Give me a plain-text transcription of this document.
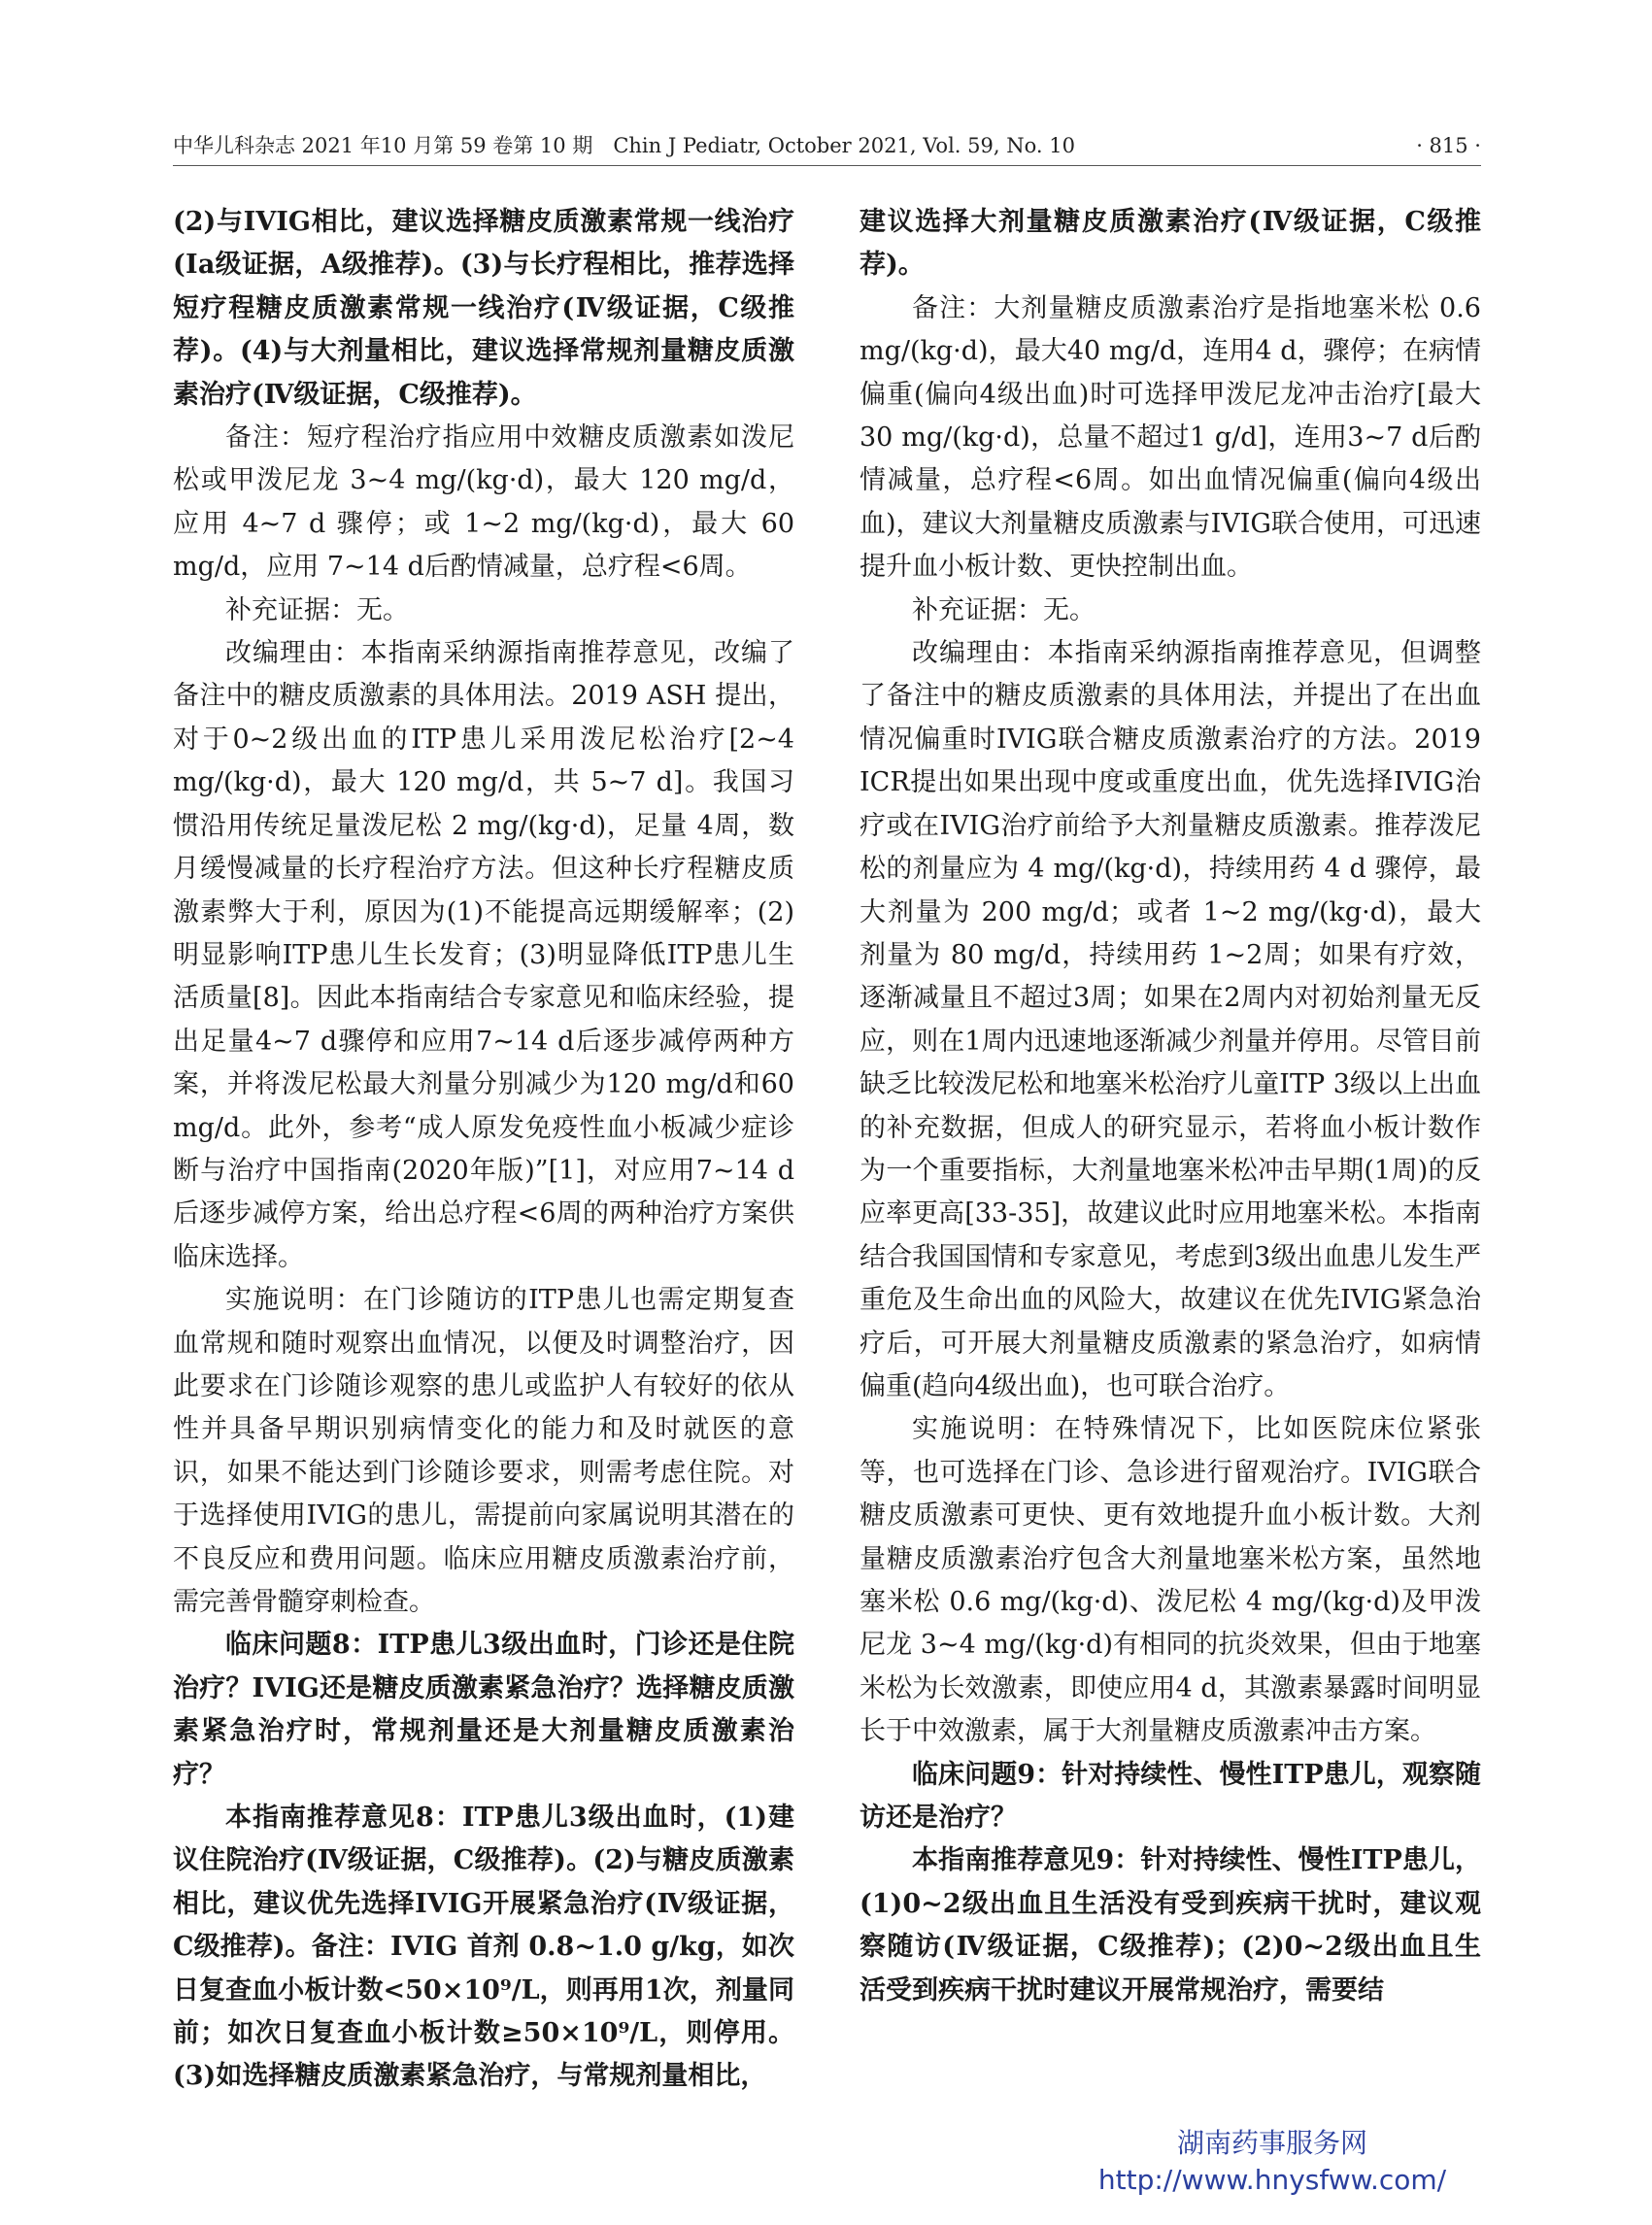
中华儿科杂志 2021 年10 月第 59 卷第 10 期　Chin J Pediatr, October 2021, Vol. 59, No. 10	· 815 ·

(2)与IVIG相比，建议选择糖皮质激素常规一线治疗(Ⅰa级证据，A级推荐)。(3)与长疗程相比，推荐选择短疗程糖皮质激素常规一线治疗(Ⅳ级证据，C级推荐)。(4)与大剂量相比，建议选择常规剂量糖皮质激素治疗(Ⅳ级证据，C级推荐)。

备注：短疗程治疗指应用中效糖皮质激素如泼尼松或甲泼尼龙 3~4 mg/(kg·d)，最大 120 mg/d，应用 4~7 d 骤停；或 1~2 mg/(kg·d)，最大 60 mg/d，应用 7~14 d后酌情减量，总疗程<6周。

补充证据：无。

改编理由：本指南采纳源指南推荐意见，改编了备注中的糖皮质激素的具体用法。2019 ASH 提出，对于0~2级出血的ITP患儿采用泼尼松治疗[2~4 mg/(kg·d)，最大 120 mg/d，共 5~7 d]。我国习惯沿用传统足量泼尼松 2 mg/(kg·d)，足量 4周，数月缓慢减量的长疗程治疗方法。但这种长疗程糖皮质激素弊大于利，原因为(1)不能提高远期缓解率；(2)明显影响ITP患儿生长发育；(3)明显降低ITP患儿生活质量[8]。因此本指南结合专家意见和临床经验，提出足量4~7 d骤停和应用7~14 d后逐步减停两种方案，并将泼尼松最大剂量分别减少为120 mg/d和60 mg/d。此外，参考“成人原发免疫性血小板减少症诊断与治疗中国指南(2020年版)”[1]，对应用7~14 d后逐步减停方案，给出总疗程<6周的两种治疗方案供临床选择。

实施说明：在门诊随访的ITP患儿也需定期复查血常规和随时观察出血情况，以便及时调整治疗，因此要求在门诊随诊观察的患儿或监护人有较好的依从性并具备早期识别病情变化的能力和及时就医的意识，如果不能达到门诊随诊要求，则需考虑住院。对于选择使用IVIG的患儿，需提前向家属说明其潜在的不良反应和费用问题。临床应用糖皮质激素治疗前，需完善骨髓穿刺检查。

临床问题8：ITP患儿3级出血时，门诊还是住院治疗？IVIG还是糖皮质激素紧急治疗？选择糖皮质激素紧急治疗时，常规剂量还是大剂量糖皮质激素治疗？

本指南推荐意见8：ITP患儿3级出血时，(1)建议住院治疗(Ⅳ级证据，C级推荐)。(2)与糖皮质激素相比，建议优先选择IVIG开展紧急治疗(Ⅳ级证据，C级推荐)。备注：IVIG 首剂 0.8~1.0 g/kg，如次日复查血小板计数<50×10⁹/L，则再用1次，剂量同前；如次日复查血小板计数≥50×10⁹/L，则停用。(3)如选择糖皮质激素紧急治疗，与常规剂量相比，

建议选择大剂量糖皮质激素治疗(Ⅳ级证据，C级推荐)。

备注：大剂量糖皮质激素治疗是指地塞米松 0.6 mg/(kg·d)，最大40 mg/d，连用4 d，骤停；在病情偏重(偏向4级出血)时可选择甲泼尼龙冲击治疗[最大30 mg/(kg·d)，总量不超过1 g/d]，连用3~7 d后酌情减量，总疗程<6周。如出血情况偏重(偏向4级出血)，建议大剂量糖皮质激素与IVIG联合使用，可迅速提升血小板计数、更快控制出血。

补充证据：无。

改编理由：本指南采纳源指南推荐意见，但调整了备注中的糖皮质激素的具体用法，并提出了在出血情况偏重时IVIG联合糖皮质激素治疗的方法。2019 ICR提出如果出现中度或重度出血，优先选择IVIG治疗或在IVIG治疗前给予大剂量糖皮质激素。推荐泼尼松的剂量应为 4 mg/(kg·d)，持续用药 4 d 骤停，最大剂量为 200 mg/d；或者 1~2 mg/(kg·d)，最大剂量为 80 mg/d，持续用药 1~2周；如果有疗效，逐渐减量且不超过3周；如果在2周内对初始剂量无反应，则在1周内迅速地逐渐减少剂量并停用。尽管目前缺乏比较泼尼松和地塞米松治疗儿童ITP 3级以上出血的补充数据，但成人的研究显示，若将血小板计数作为一个重要指标，大剂量地塞米松冲击早期(1周)的反应率更高[33-35]，故建议此时应用地塞米松。本指南结合我国国情和专家意见，考虑到3级出血患儿发生严重危及生命出血的风险大，故建议在优先IVIG紧急治疗后，可开展大剂量糖皮质激素的紧急治疗，如病情偏重(趋向4级出血)，也可联合治疗。

实施说明：在特殊情况下，比如医院床位紧张等，也可选择在门诊、急诊进行留观治疗。IVIG联合糖皮质激素可更快、更有效地提升血小板计数。大剂量糖皮质激素治疗包含大剂量地塞米松方案，虽然地塞米松 0.6 mg/(kg·d)、泼尼松 4 mg/(kg·d)及甲泼尼龙 3~4 mg/(kg·d)有相同的抗炎效果，但由于地塞米松为长效激素，即使应用4 d，其激素暴露时间明显长于中效激素，属于大剂量糖皮质激素冲击方案。

临床问题9：针对持续性、慢性ITP患儿，观察随访还是治疗？

本指南推荐意见9：针对持续性、慢性ITP患儿，(1)0~2级出血且生活没有受到疾病干扰时，建议观察随访(Ⅳ级证据，C级推荐)；(2)0~2级出血且生活受到疾病干扰时建议开展常规治疗，需要结

湖南药事服务网
http://www.hnysfww.com/
